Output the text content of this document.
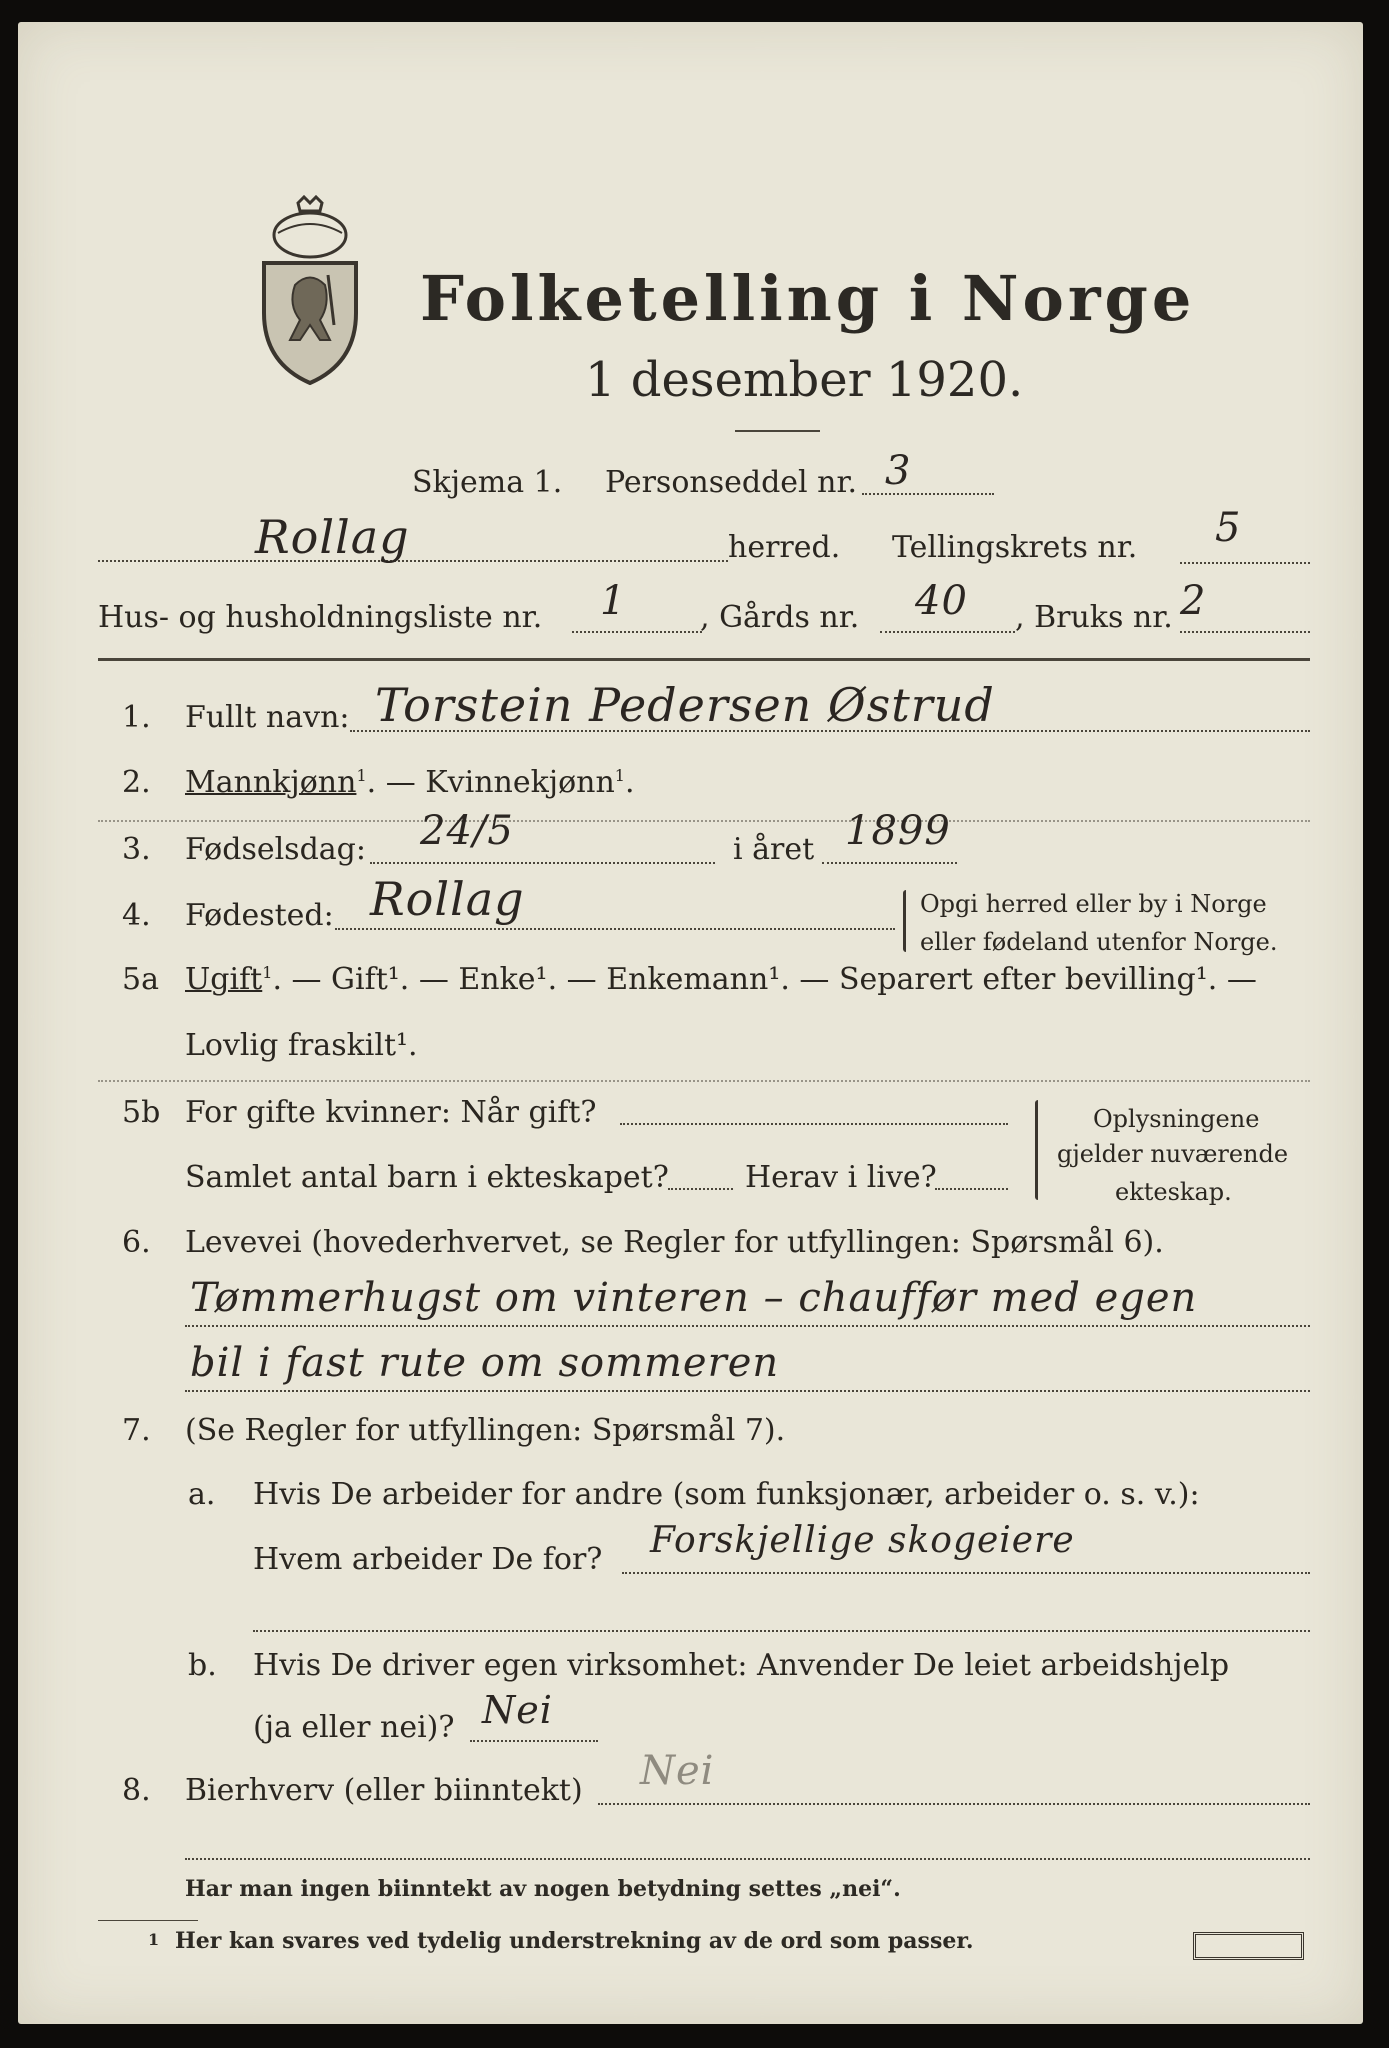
Folketelling i Norge
1 desember 1920.
Skjema 1. Personseddel nr. 3
Rollag	herred. Tellingskrets nr. 5
Hus- og husholdningsliste nr. 1 , Gårds nr. 40 , Bruks nr. 2
1. Fullt navn: Torstein Pedersen Østrud
2. Mannkjønn$^1$. — Kvinnekjønn$^1$.
3. Fødselsdag: 24/5	i året 1899
4. Fødested: Rollag	Opgi herred eller by i Norge
eller fødeland utenfor Norge.
5a Ugift$^1$. — Gift¹. — Enke¹. — Enkemann¹. — Separert efter bevilling¹. —
Lovlig fraskilt¹.
5b For gifte kvinner: Når gift?
Samlet antal barn i ekteskapet?	Herav i live?
Oplysningene
gjelder nuværende
ekteskap.
6. Levevei (hovederhvervet, se Regler for utfyllingen: Spørsmål 6).
Tømmerhugst om vinteren – chauffør med egen
bil i fast rute om sommeren
7. (Se Regler for utfyllingen: Spørsmål 7).
a. Hvis De arbeider for andre (som funksjonær, arbeider o. s. v.):
Hvem arbeider De for? Forskjellige skogeiere
b. Hvis De driver egen virksomhet: Anvender De leiet arbeidshjelp
(ja eller nei)? Nei
8. Bierhverv (eller biinntekt) Nei
Har man ingen biinntekt av nogen betydning settes „nei“.
1 Her kan svares ved tydelig understrekning av de ord som passer.
